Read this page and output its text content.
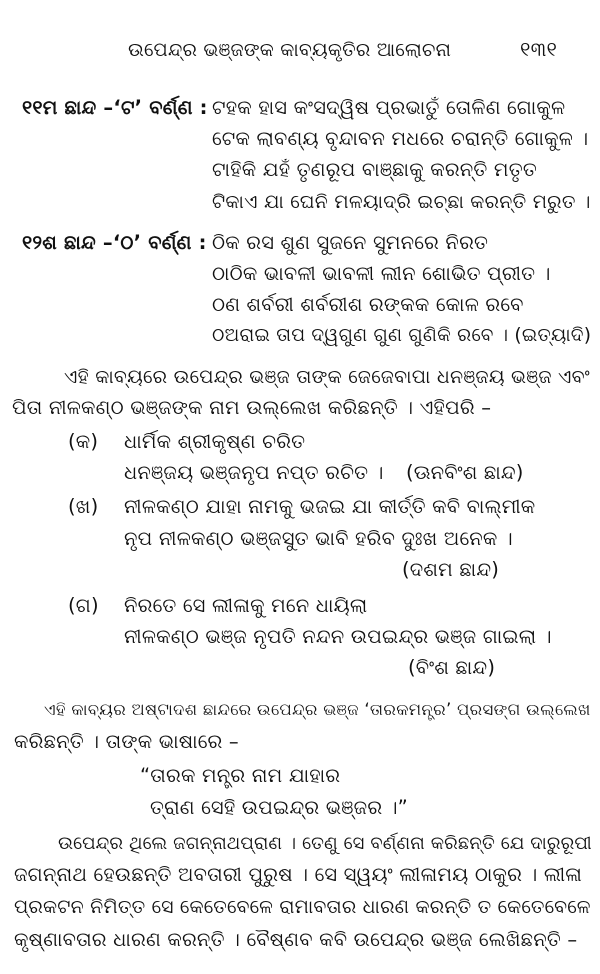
ଉପେନ୍ଦ୍ର ଭଞ୍ଜଙ୍କ କାବ୍ୟକୃତିର ଆଲୋଚନା	୧୩୧
୧୧ମ ଛାନ୍ଦ –‘ଟ’ ବର୍ଣ୍ଣ : ଟହକ ହାସ କଂସଦ୍ୱିଷ ପ୍ରଭାତୁଁ ତୋଳିଣ ଗୋକୁଳ
ଟେକ ଲାବଣ୍ୟ ବୃନ୍ଦାବନ ମଧରେ ଚରାନ୍ତି ଗୋକୁଳ ।
ଟାହିକି ଯହଁ ତୃଣରୂପ ବାଞ୍ଛାକୁ କରନ୍ତି ମତୃତ
ଟିକାଏ ଯା ଘେନି ମଳୟାଦ୍ରି ଇଚ୍ଛା କରନ୍ତି ମରୁତ ।
୧୨ଶ ଛାନ୍ଦ –‘ଠ’ ବର୍ଣ୍ଣ : ଠିକ ରସ ଶୁଣ ସୁଜନେ ସୁମନରେ ନିରତ
ଠାଠିକ ଭାବଳୀ ଭାବଳୀ ଲୀନ ଶୋଭିତ ପ୍ରୀତ ।
ଠଣ ଶର୍ବରୀ ଶର୍ବରୀଶ ରଙ୍କକ କୋଳ ରବେ
ଠଅରାଇ ତାପ ଦ୍ୱଗୁଣ ଗୁଣ ଗୁଣିକି ରବେ । (ଇତ୍ୟାଦି)
ଏହି କାବ୍ୟରେ ଉପେନ୍ଦ୍ର ଭଞ୍ଜ ତାଙ୍କ ଜେଜେବାପା ଧନଞ୍ଜୟ ଭଞ୍ଜ ଏବଂ
ପିତା ନୀଳକଣ୍ଠ ଭଞ୍ଜଙ୍କ ନାମ ଉଲ୍ଲେଖ କରିଛନ୍ତି । ଏହିପରି –
(କ) ଧାର୍ମିକ ଶ୍ରୀକୃଷ୍ଣ ଚରିତ
ଧନଞ୍ଜୟ ଭଞ୍ଜନୃପ ନପ୍ତ ରଚିତ । (ଊନବିଂଶ ଛାନ୍ଦ)
(ଖ) ନୀଳକଣ୍ଠ ଯାହା ନାମକୁ ଭଜଇ ଯା କୀର୍ତ୍ତି କବି ବାଲ୍ମୀକ
ନୃପ ନୀଳକଣ୍ଠ ଭଞ୍ଜସୁତ ଭାବି ହରିବ ଦୁଃଖ ଅନେକ ।
(ଦଶମ ଛାନ୍ଦ)
(ଗ) ନିରତେ ସେ ଲୀଳାକୁ ମନେ ଧାୟିଲା
ନୀଳକଣ୍ଠ ଭଞ୍ଜ ନୃପତି ନନ୍ଦନ ଉପଇନ୍ଦ୍ର ଭଞ୍ଜ ଗାଇଲା ।
(ବିଂଶ ଛାନ୍ଦ)
ଏହି କାବ୍ୟର ଅଷ୍ଟାଦଶ ଛାନ୍ଦରେ ଉପେନ୍ଦ୍ର ଭଞ୍ଜ ‘ତାରକମନ୍ତ୍ର’ ପ୍ରସଙ୍ଗ ଉଲ୍ଲେଖ
କରିଛନ୍ତି । ତାଙ୍କ ଭାଷାରେ –
“ତାରକ ମନ୍ତ୍ର ନାମ ଯାହାର
ତ୍ରାଣ ସେହି ଉପଇନ୍ଦ୍ର ଭଞ୍ଜର ।”
ଉପେନ୍ଦ୍ର ଥିଲେ ଜଗନ୍ନାଥପ୍ରାଣ । ତେଣୁ ସେ ବର୍ଣ୍ଣନା କରିଛନ୍ତି ଯେ ଦାରୁରୂପୀ
ଜଗନ୍ନାଥ ହେଉଛନ୍ତି ଅବତାରୀ ପୁରୁଷ । ସେ ସ୍ୱୟଂ ଲୀଳାମୟ ଠାକୁର । ଲୀଳା
ପ୍ରକଟନ ନିମିତ୍ତ ସେ କେତେବେଳେ ରାମାବତାର ଧାରଣ କରନ୍ତି ତ କେତେବେଳେ
କୃଷ୍ଣାବତାର ଧାରଣ କରନ୍ତି । ବୈଷ୍ଣବ କବି ଉପେନ୍ଦ୍ର ଭଞ୍ଜ ଲେଖିଛନ୍ତି –
